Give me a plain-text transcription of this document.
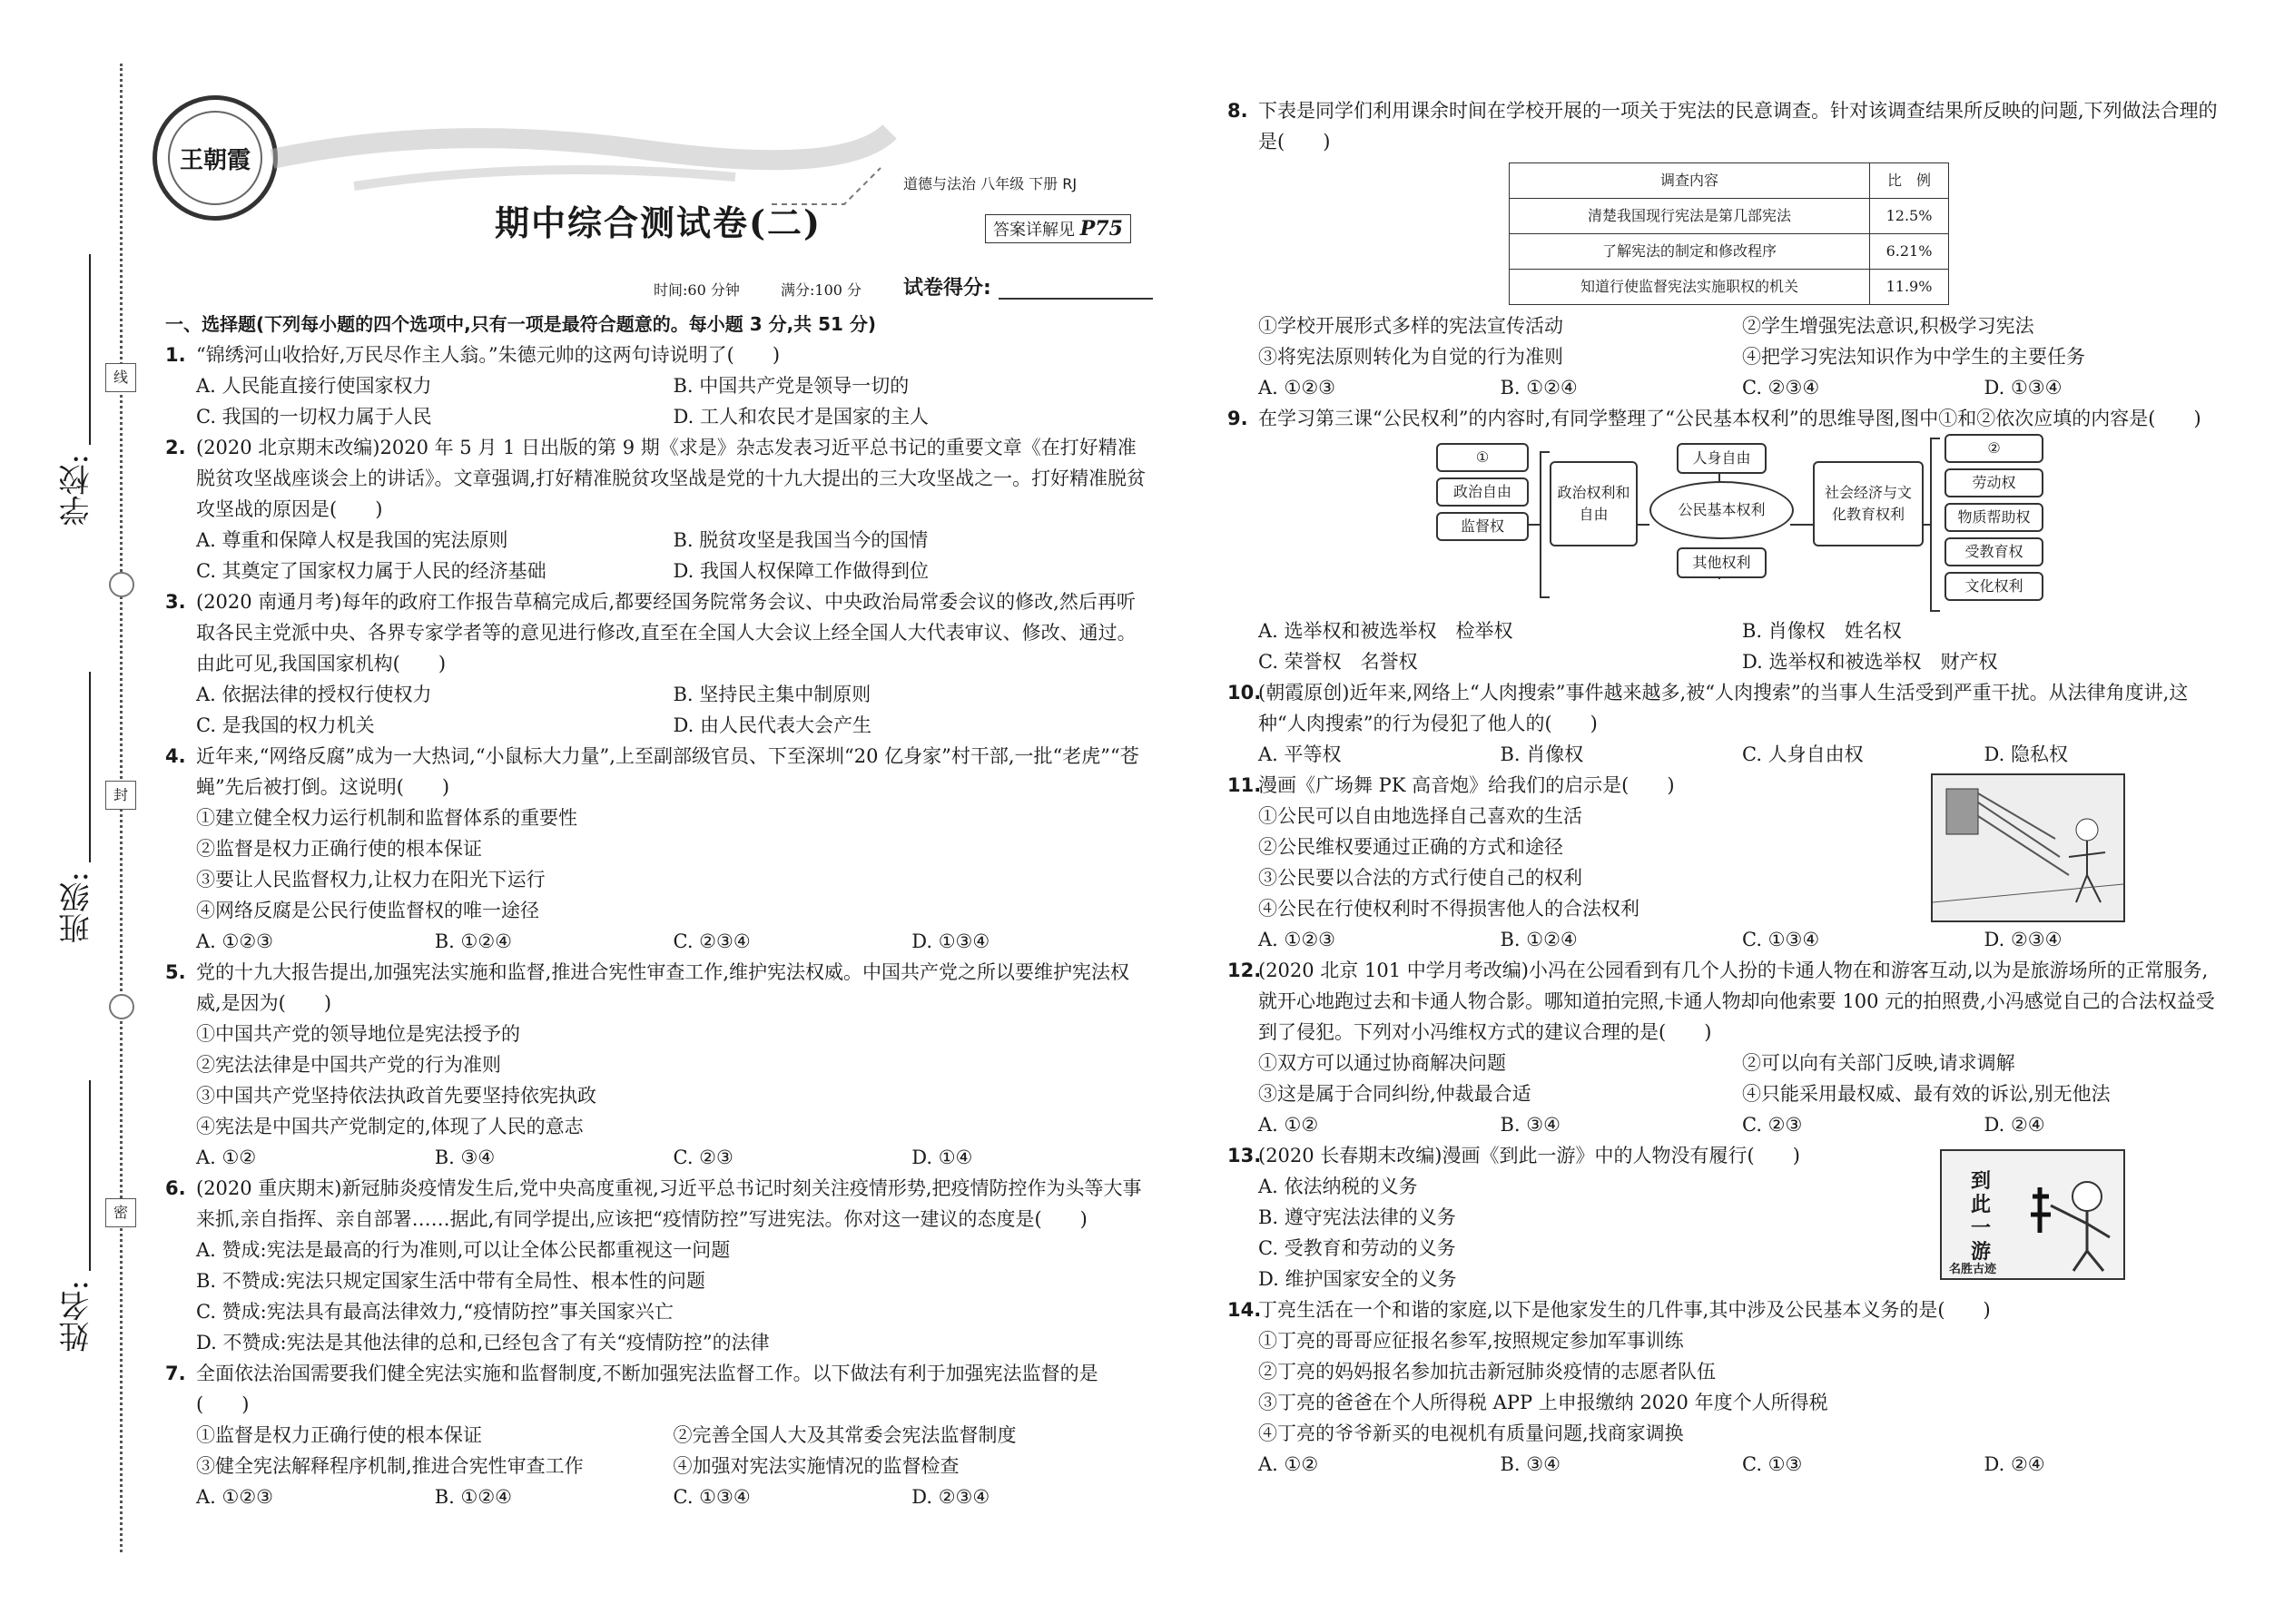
学校:
班级:
姓名:
线
封
密
王朝霞
道德与法治 八年级 下册 RJ
期中综合测试卷(二)	答案详解见 P75
时间:60 分钟	满分:100 分 试卷得分:
一、选择题(下列每小题的四个选项中,只有一项是最符合题意的。每小题 3 分,共 51 分)
1. “锦绣河山收拾好,万民尽作主人翁。”朱德元帅的这两句诗说明了(　　)
A. 人民能直接行使国家权力	B. 中国共产党是领导一切的
C. 我国的一切权力属于人民	D. 工人和农民才是国家的主人
2. (2020 北京期末改编)2020 年 5 月 1 日出版的第 9 期《求是》杂志发表习近平总书记的重要文章《在打好精准脱贫攻坚战座谈会上的讲话》。文章强调,打好精准脱贫攻坚战是党的十九大提出的三大攻坚战之一。打好精准脱贫攻坚战的原因是(　　)
A. 尊重和保障人权是我国的宪法原则	B. 脱贫攻坚是我国当今的国情
C. 其奠定了国家权力属于人民的经济基础	D. 我国人权保障工作做得到位
3. (2020 南通月考)每年的政府工作报告草稿完成后,都要经国务院常务会议、中央政治局常委会议的修改,然后再听取各民主党派中央、各界专家学者等的意见进行修改,直至在全国人大会议上经全国人大代表审议、修改、通过。由此可见,我国国家机构(　　)
A. 依据法律的授权行使权力	B. 坚持民主集中制原则
C. 是我国的权力机关	D. 由人民代表大会产生
4. 近年来,“网络反腐”成为一大热词,“小鼠标大力量”,上至副部级官员、下至深圳“20 亿身家”村干部,一批“老虎”“苍蝇”先后被打倒。这说明(　　)
①建立健全权力运行机制和监督体系的重要性
②监督是权力正确行使的根本保证
③要让人民监督权力,让权力在阳光下运行
④网络反腐是公民行使监督权的唯一途径
A. ①②③	B. ①②④	C. ②③④	D. ①③④
5. 党的十九大报告提出,加强宪法实施和监督,推进合宪性审查工作,维护宪法权威。中国共产党之所以要维护宪法权威,是因为(　　)
①中国共产党的领导地位是宪法授予的
②宪法法律是中国共产党的行为准则
③中国共产党坚持依法执政首先要坚持依宪执政
④宪法是中国共产党制定的,体现了人民的意志
A. ①②	B. ③④	C. ②③	D. ①④
6. (2020 重庆期末)新冠肺炎疫情发生后,党中央高度重视,习近平总书记时刻关注疫情形势,把疫情防控作为头等大事来抓,亲自指挥、亲自部署……据此,有同学提出,应该把“疫情防控”写进宪法。你对这一建议的态度是(　　)
A. 赞成:宪法是最高的行为准则,可以让全体公民都重视这一问题
B. 不赞成:宪法只规定国家生活中带有全局性、根本性的问题
C. 赞成:宪法具有最高法律效力,“疫情防控”事关国家兴亡
D. 不赞成:宪法是其他法律的总和,已经包含了有关“疫情防控”的法律
7. 全面依法治国需要我们健全宪法实施和监督制度,不断加强宪法监督工作。以下做法有利于加强宪法监督的是(　　)
①监督是权力正确行使的根本保证	②完善全国人大及其常委会宪法监督制度
③健全宪法解释程序机制,推进合宪性审查工作	④加强对宪法实施情况的监督检查
A. ①②③	B. ①②④	C. ①③④	D. ②③④
8. 下表是同学们利用课余时间在学校开展的一项关于宪法的民意调查。针对该调查结果所反映的问题,下列做法合理的是(　　)
调查内容	比　例
清楚我国现行宪法是第几部宪法	12.5%
了解宪法的制定和修改程序	6.21%
知道行使监督宪法实施职权的机关	11.9%
①学校开展形式多样的宪法宣传活动	②学生增强宪法意识,积极学习宪法
③将宪法原则转化为自觉的行为准则	④把学习宪法知识作为中学生的主要任务
A. ①②③	B. ①②④	C. ②③④	D. ①③④
9. 在学习第三课“公民权利”的内容时,有同学整理了“公民基本权利”的思维导图,图中①和②依次应填的内容是(　　)
①
政治自由
监督权
政治权利和自由
人身自由
公民基本权利
其他权利
社会经济与文化教育权利
②
劳动权
物质帮助权
受教育权
文化权利
A. 选举权和被选举权　检举权	B. 肖像权　姓名权
C. 荣誉权　名誉权	D. 选举权和被选举权　财产权
10.
(朝霞原创)近年来,网络上“人肉搜索”事件越来越多,被“人肉搜索”的当事人生活受到严重干扰。从法律角度讲,这种“人肉搜索”的行为侵犯了他人的(　　)
A. 平等权	B. 肖像权	C. 人身自由权	D. 隐私权
11.
漫画《广场舞 PK 高音炮》给我们的启示是(　　)
①公民可以自由地选择自己喜欢的生活
②公民维权要通过正确的方式和途径
③公民要以合法的方式行使自己的权利
④公民在行使权利时不得损害他人的合法权利
A. ①②③	B. ①②④	C. ①③④	D. ②③④
12.
(2020 北京 101 中学月考改编)小冯在公园看到有几个人扮的卡通人物在和游客互动,以为是旅游场所的正常服务,就开心地跑过去和卡通人物合影。哪知道拍完照,卡通人物却向他索要 100 元的拍照费,小冯感觉自己的合法权益受到了侵犯。下列对小冯维权方式的建议合理的是(　　)
①双方可以通过协商解决问题	②可以向有关部门反映,请求调解
③这是属于合同纠纷,仲裁最合适	④只能采用最权威、最有效的诉讼,别无他法
A. ①②	B. ③④	C. ②③	D. ②④
到
此
一
游
名胜古迹
13.
(2020 长春期末改编)漫画《到此一游》中的人物没有履行(　　)
A. 依法纳税的义务
B. 遵守宪法法律的义务
C. 受教育和劳动的义务
D. 维护国家安全的义务
14.
丁亮生活在一个和谐的家庭,以下是他家发生的几件事,其中涉及公民基本义务的是(　　)
①丁亮的哥哥应征报名参军,按照规定参加军事训练
②丁亮的妈妈报名参加抗击新冠肺炎疫情的志愿者队伍
③丁亮的爸爸在个人所得税 APP 上申报缴纳 2020 年度个人所得税
④丁亮的爷爷新买的电视机有质量问题,找商家调换
A. ①②	B. ③④	C. ①③	D. ②④
